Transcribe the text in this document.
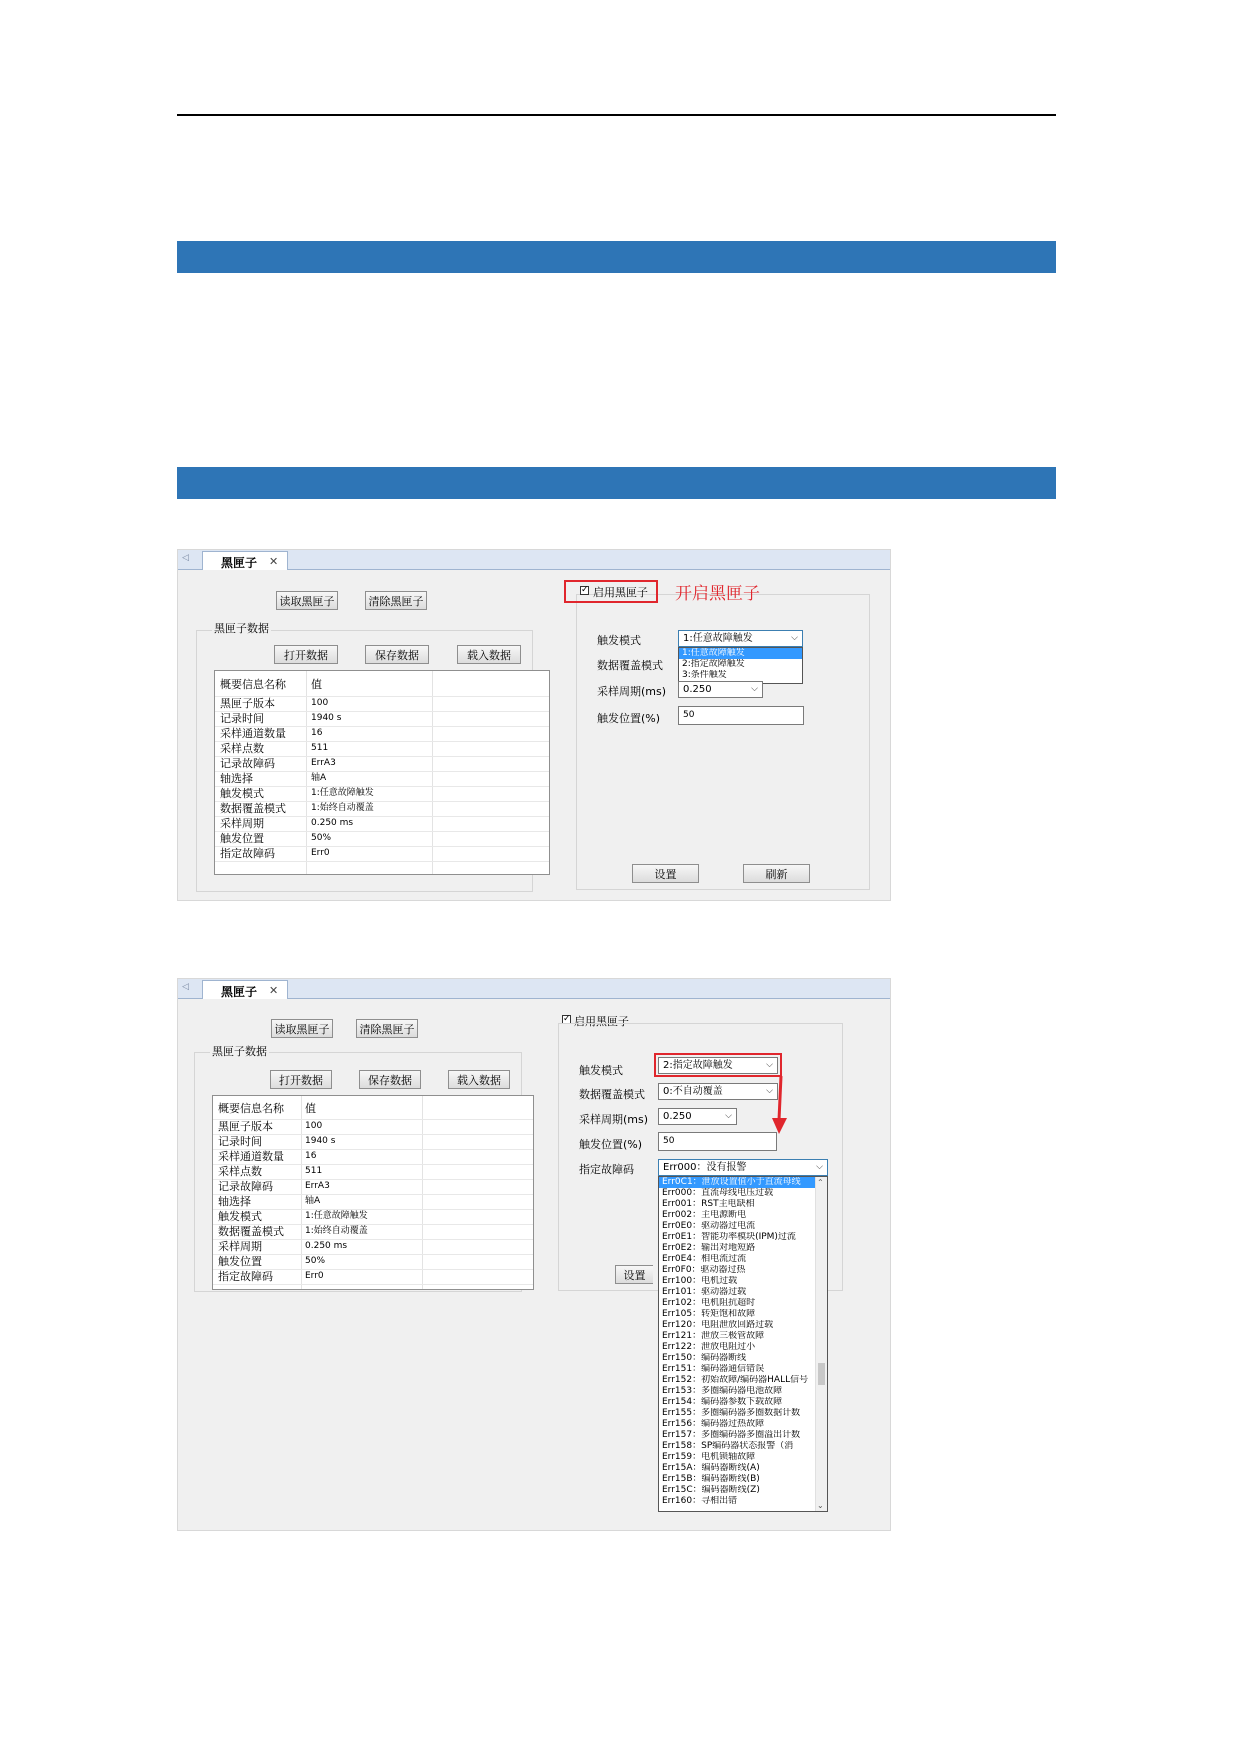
◁	黑匣子 ✕
读取黑匣子	清除黑匣子
黑匣子数据
打开数据	保存数据	载入数据
概要信息名称 值
黑匣子版本	100
记录时间	1940 s
采样通道数量	16
采样点数	511
记录故障码	ErrA3
轴选择	轴A
触发模式	1:任意故障触发
数据覆盖模式	1:始终自动覆盖
采样周期	0.250 ms
触发位置	50%
指定故障码	Err0
✓ 启用黑匣子 开启黑匣子
触发模式	1:任意故障触发	⌵
1:任意故障触发
2:指定故障触发
3:条件触发
数据覆盖模式
采样周期(ms)	0.250	⌵
触发位置(%)	50
设置	刷新
◁	黑匣子 ✕
读取黑匣子	清除黑匣子
黑匣子数据
打开数据	保存数据	载入数据
概要信息名称 值
黑匣子版本	100
记录时间	1940 s
采样通道数量 16
采样点数	511
记录故障码	ErrA3
轴选择	轴A
触发模式	1:任意故障触发
数据覆盖模式 1:始终自动覆盖
采样周期	0.250 ms
触发位置	50%
指定故障码	Err0
✓ 启用黑匣子
触发模式	2:指定故障触发	⌵
数据覆盖模式	0:不自动覆盖	⌵
采样周期(ms)	0.250	⌵
触发位置(%)	50
指定故障码	Err000：没有报警	⌵
设置
Err0C1：泄放设置值小于直流母线
Err000：直流母线电压过载
Err001：RST主电缺相
Err002：主电源断电
Err0E0：驱动器过电流
Err0E1：智能功率模块(IPM)过流
Err0E2：输出对地短路
Err0E4：相电流过流
Err0F0：驱动器过热
Err100：电机过载
Err101：驱动器过载
Err102：电机阻抗超时
Err105：转矩饱和故障
Err120：电阻泄放回路过载
Err121：泄放三极管故障
Err122：泄放电阻过小
Err150：编码器断线
Err151：编码器通信错误
Err152：初始故障/编码器HALL信号
Err153：多圈编码器电池故障
Err154：编码器参数下载故障
Err155：多圈编码器多圈数据计数
Err156：编码器过热故障
Err157：多圈编码器多圈溢出计数
Err158：SP编码器状态报警（消
Err159：电机锁轴故障
Err15A：编码器断线(A)
Err15B：编码器断线(B)
Err15C：编码器断线(Z)
Err160：寻相出错
⌃
⌄
